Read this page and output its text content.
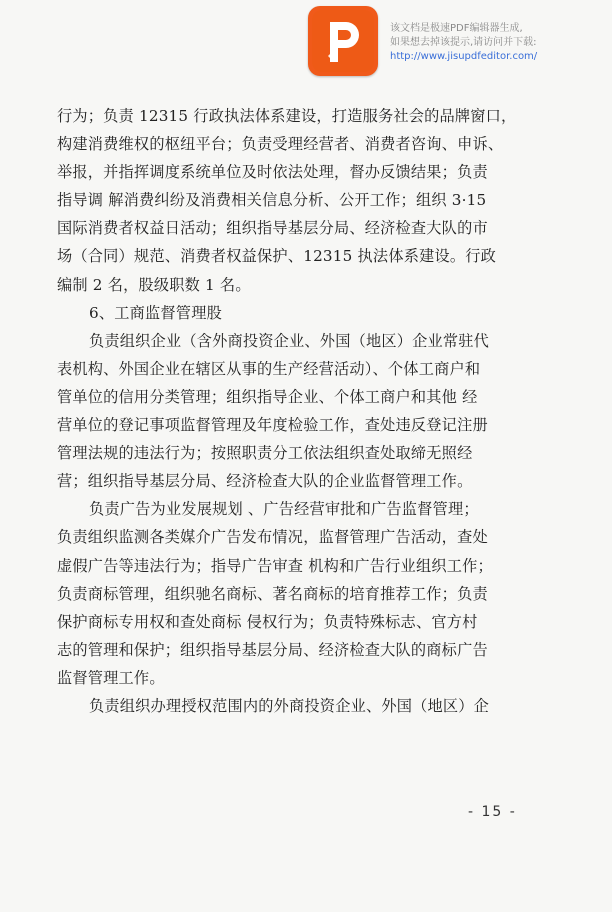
该文档是极速PDF编辑器生成,
如果想去掉该提示,请访问并下载:
http://www.jisupdfeditor.com/
行为；负责 12315 行政执法体系建设，打造服务社会的品牌窗口，
构建消费维权的枢纽平台；负责受理经营者、消费者咨询、申诉、
举报，并指挥调度系统单位及时依法处理，督办反馈结果；负责
指导调 解消费纠纷及消费相关信息分析、公开工作；组织 3·15
国际消费者权益日活动；组织指导基层分局、经济检查大队的市
场（合同）规范、消费者权益保护、12315 执法体系建设。行政
编制 2 名，股级职数 1 名。
6、工商监督管理股
负责组织企业（含外商投资企业、外国（地区）企业常驻代
表机构、外国企业在辖区从事的生产经营活动）、个体工商户和
管单位的信用分类管理；组织指导企业、个体工商户和其他 经
营单位的登记事项监督管理及年度检验工作，查处违反登记注册
管理法规的违法行为；按照职责分工依法组织查处取缔无照经
营；组织指导基层分局、经济检查大队的企业监督管理工作。
负责广告为业发展规划 、广告经营审批和广告监督管理；
负责组织监测各类媒介广告发布情况，监督管理广告活动，查处
虚假广告等违法行为；指导广告审查 机构和广告行业组织工作；
负责商标管理，组织驰名商标、著名商标的培育推荐工作；负责
保护商标专用权和查处商标 侵权行为；负责特殊标志、官方村
志的管理和保护；组织指导基层分局、经济检查大队的商标广告
监督管理工作。
负责组织办理授权范围内的外商投资企业、外国（地区）企
- 15 -
